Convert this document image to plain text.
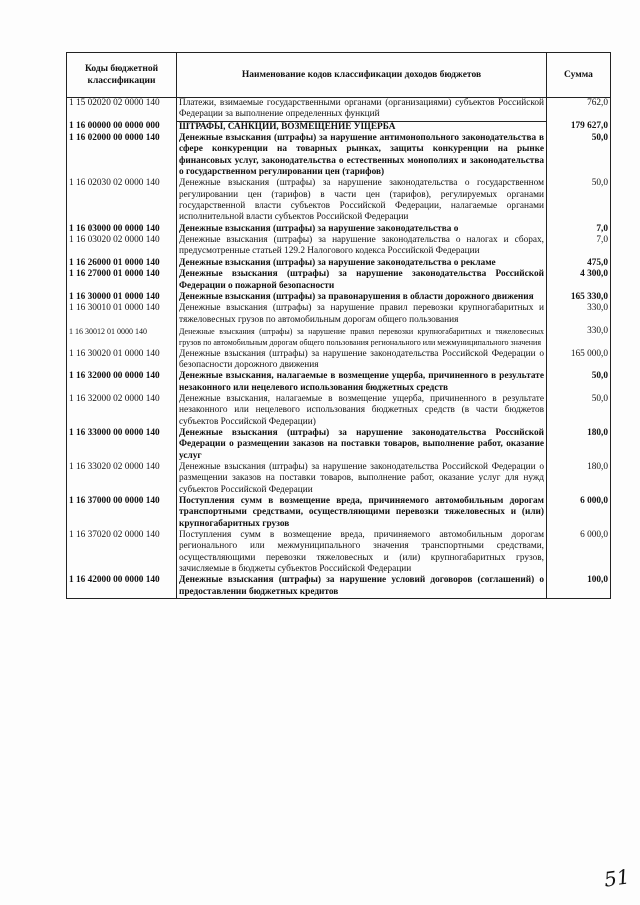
Коды бюджетной классификации	Наименование кодов классификации доходов бюджетов	Сумма
1 15 02020 02 0000 140	Платежи, взимаемые государственными органами (организациями) субъектов Российской Федерации за выполнение определенных функций	762,0
1 16 00000 00 0000 000	ШТРАФЫ, САНКЦИИ, ВОЗМЕЩЕНИЕ УЩЕРБА	179 627,0
1 16 02000 00 0000 140	Денежные взыскания (штрафы) за нарушение антимонопольного законодательства в сфере конкуренции на товарных рынках, защиты конкуренции на рынке финансовых услуг, законодательства о естественных монополиях и законодательства о государственном регулировании цен (тарифов)	50,0
1 16 02030 02 0000 140	Денежные взыскания (штрафы) за нарушение законодательства о государственном регулировании цен (тарифов) в части цен (тарифов), регулируемых органами государственной власти субъектов Российской Федерации, налагаемые органами исполнительной власти субъектов Российской Федерации	50,0
1 16 03000 00 0000 140	Денежные взыскания (штрафы) за нарушение законодательства о	7,0
1 16 03020 02 0000 140	Денежные взыскания (штрафы) за нарушение законодательства о налогах и сборах, предусмотренные статьей 129.2 Налогового кодекса Российской Федерации	7,0
1 16 26000 01 0000 140	Денежные взыскания (штрафы) за нарушение законодательства о рекламе	475,0
1 16 27000 01 0000 140	Денежные взыскания (штрафы) за нарушение законодательства Российской Федерации о пожарной безопасности	4 300,0
1 16 30000 01 0000 140	Денежные взыскания (штрафы) за правонарушения в области дорожного движения	165 330,0
1 16 30010 01 0000 140	Денежные взыскания (штрафы) за нарушение правил перевозки крупногабаритных и тяжеловесных грузов по автомобильным дорогам общего пользования	330,0
1 16 30012 01 0000 140	Денежные взыскания (штрафы) за нарушение правил перевозки крупногабаритных и тяжеловесных грузов по автомобильным дорогам общего пользования регионального или межмуниципального значения	330,0
1 16 30020 01 0000 140	Денежные взыскания (штрафы) за нарушение законодательства Российской Федерации о безопасности дорожного движения	165 000,0
1 16 32000 00 0000 140	Денежные взыскания, налагаемые в возмещение ущерба, причиненного в результате незаконного или нецелевого использования бюджетных средств	50,0
1 16 32000 02 0000 140	Денежные взыскания, налагаемые в возмещение ущерба, причиненного в результате незаконного или нецелевого использования бюджетных средств (в части бюджетов субъектов Российской Федерации)	50,0
1 16 33000 00 0000 140	Денежные взыскания (штрафы) за нарушение законодательства Российской Федерации о размещении заказов на поставки товаров, выполнение работ, оказание услуг	180,0
1 16 33020 02 0000 140	Денежные взыскания (штрафы) за нарушение законодательства Российской Федерации о размещении заказов на поставки товаров, выполнение работ, оказание услуг для нужд субъектов Российской Федерации	180,0
1 16 37000 00 0000 140	Поступления сумм в возмещение вреда, причиняемого автомобильным дорогам транспортными средствами, осуществляющими перевозки тяжеловесных и (или) крупногабаритных грузов	6 000,0
1 16 37020 02 0000 140	Поступления сумм в возмещение вреда, причиняемого автомобильным дорогам регионального или межмуниципального значения транспортными средствами, осуществляющими перевозки тяжеловесных и (или) крупногабаритных грузов, зачисляемые в бюджеты субъектов Российской Федерации	6 000,0
1 16 42000 00 0000 140	Денежные взыскания (штрафы) за нарушение условий договоров (соглашений) о предоставлении бюджетных кредитов	100,0
51
